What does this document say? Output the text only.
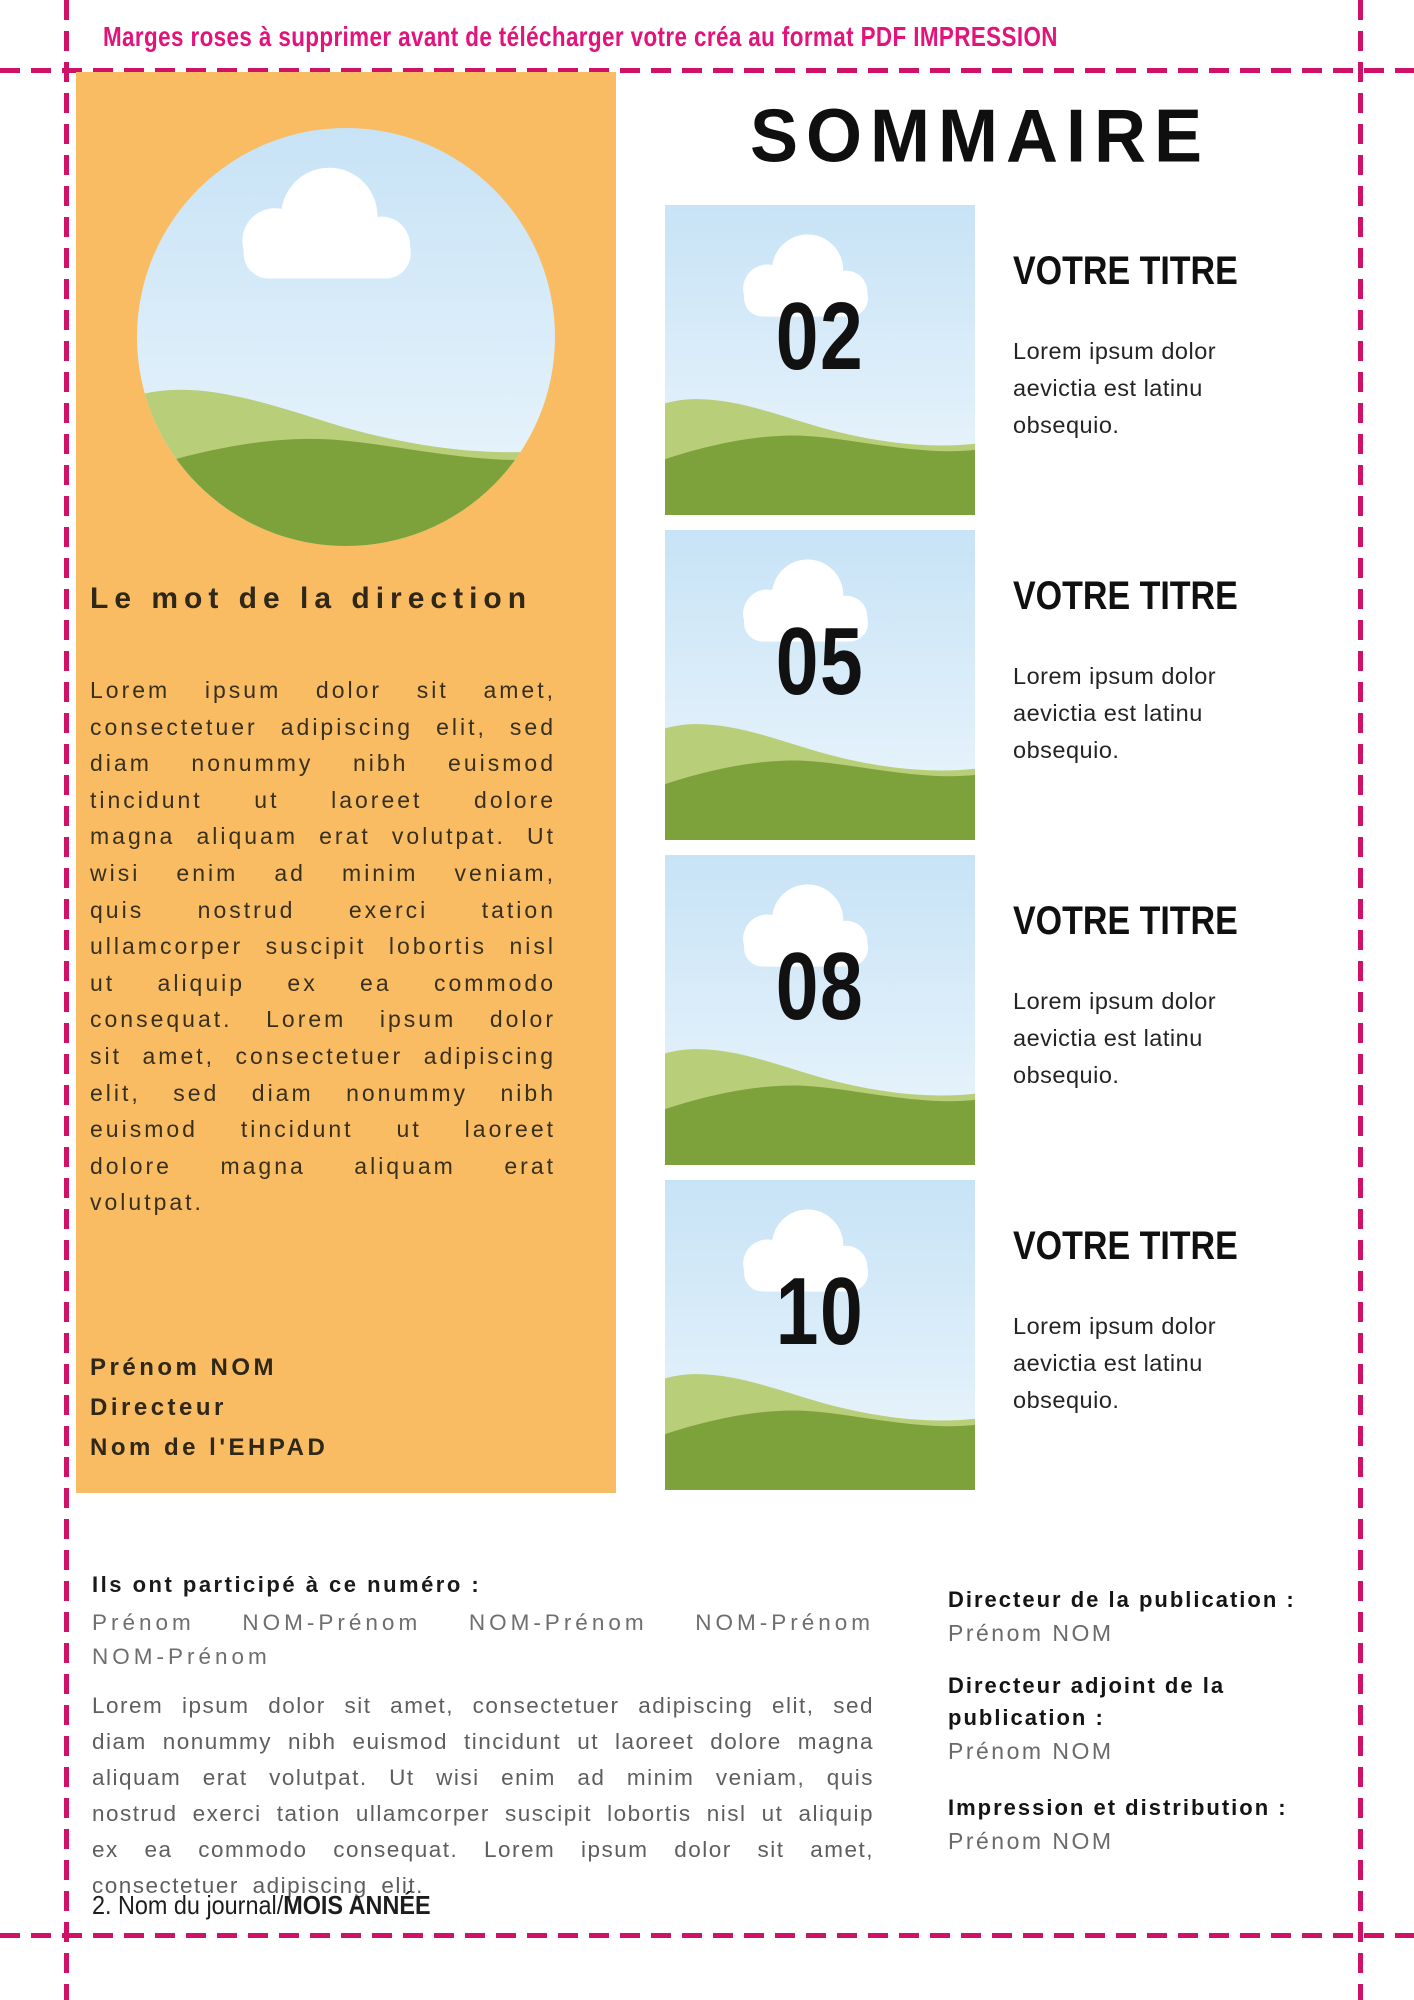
Marges roses à supprimer avant de télécharger votre créa au format PDF IMPRESSION
Le mot de la direction

Lorem ipsum dolor sit amet, consectetuer adipiscing elit, sed diam nonummy nibh euismod tincidunt ut laoreet dolore magna aliquam erat volutpat. Ut wisi enim ad minim veniam, quis nostrud exerci tation ullamcorper suscipit lobortis nisl ut aliquip ex ea commodo consequat. Lorem ipsum dolor sit amet, consectetuer adipiscing elit, sed diam nonummy nibh euismod tincidunt ut laoreet dolore magna aliquam erat volutpat.

Prénom NOM
Directeur
Nom de l'EHPAD
SOMMAIRE
02
VOTRE TITRE
Lorem ipsum dolor aevictia est latinu obsequio.
05
VOTRE TITRE
Lorem ipsum dolor aevictia est latinu obsequio.
08
VOTRE TITRE
Lorem ipsum dolor aevictia est latinu obsequio.
10
VOTRE TITRE
Lorem ipsum dolor aevictia est latinu obsequio.
Ils ont participé à ce numéro :
Prénom NOM-Prénom NOM-Prénom NOM-Prénom NOM-Prénom
Lorem ipsum dolor sit amet, consectetuer adipiscing elit, sed diam nonummy nibh euismod tincidunt ut laoreet dolore magna aliquam erat volutpat. Ut wisi enim ad minim veniam, quis nostrud exerci tation ullamcorper suscipit lobortis nisl ut aliquip ex ea commodo consequat. Lorem ipsum dolor sit amet, consectetuer adipiscing elit.
Directeur de la publication :
Prénom NOM
Directeur adjoint de la publication :
Prénom NOM
Impression et distribution :
Prénom NOM
2. Nom du journal/MOIS ANNÉE
